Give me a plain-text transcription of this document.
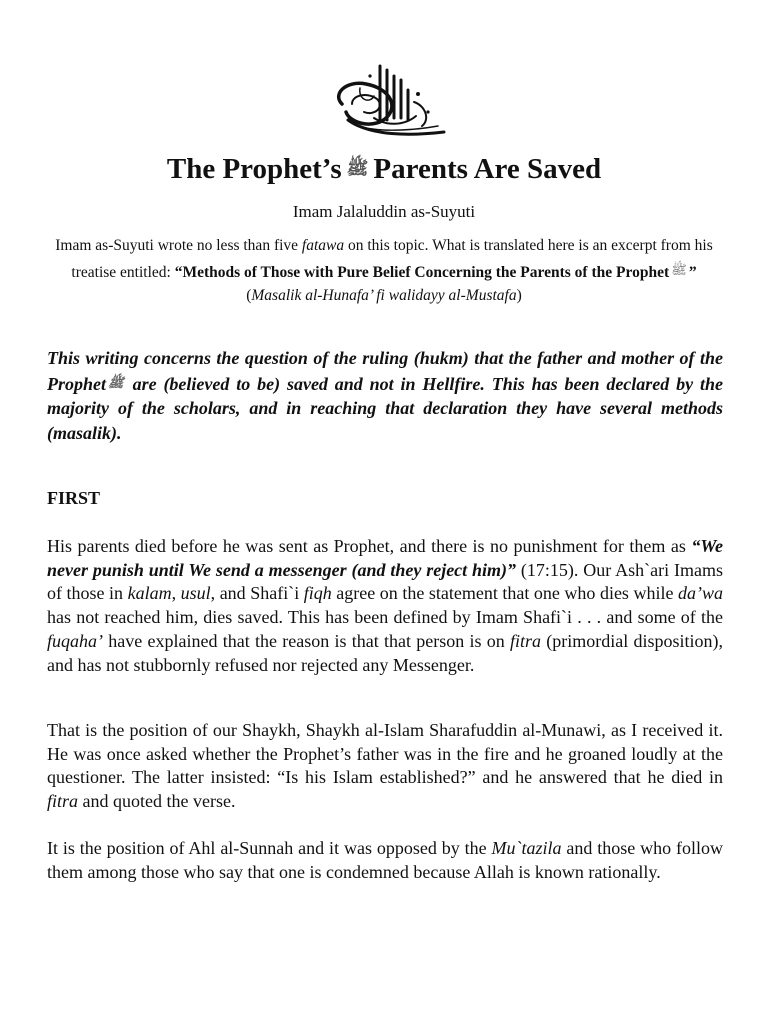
The Prophet’s ﷺ Parents Are Saved
Imam Jalaluddin as-Suyuti
Imam as-Suyuti wrote no less than five fatawa on this topic. What is translated here is an excerpt from his treatise entitled: “Methods of Those with Pure Belief Concerning the Parents of the Prophet ﷺ ” (Masalik al-Hunafa’ fi walidayy al-Mustafa)
This writing concerns the question of the ruling (hukm) that the father and mother of the Prophet ﷺ are (believed to be) saved and not in Hellfire. This has been declared by the majority of the scholars, and in reaching that declaration they have several methods (masalik).
FIRST

His parents died before he was sent as Prophet, and there is no punishment for them as “We never punish until We send a messenger (and they reject him)” (17:15). Our Ash`ari Imams of those in kalam, usul, and Shafi`i fiqh agree on the statement that one who dies while da’wa has not reached him, dies saved. This has been defined by Imam Shafi`i . . . and some of the fuqaha’ have explained that the reason is that that person is on fitra (primordial disposition), and has not stubbornly refused nor rejected any Messenger.

That is the position of our Shaykh, Shaykh al-Islam Sharafuddin al-Munawi, as I received it. He was once asked whether the Prophet’s father was in the fire and he groaned loudly at the questioner. The latter insisted: “Is his Islam established?” and he answered that he died in fitra and quoted the verse.

It is the position of Ahl al-Sunnah and it was opposed by the Mu`tazila and those who follow them among those who say that one is condemned because Allah is known rationally.
